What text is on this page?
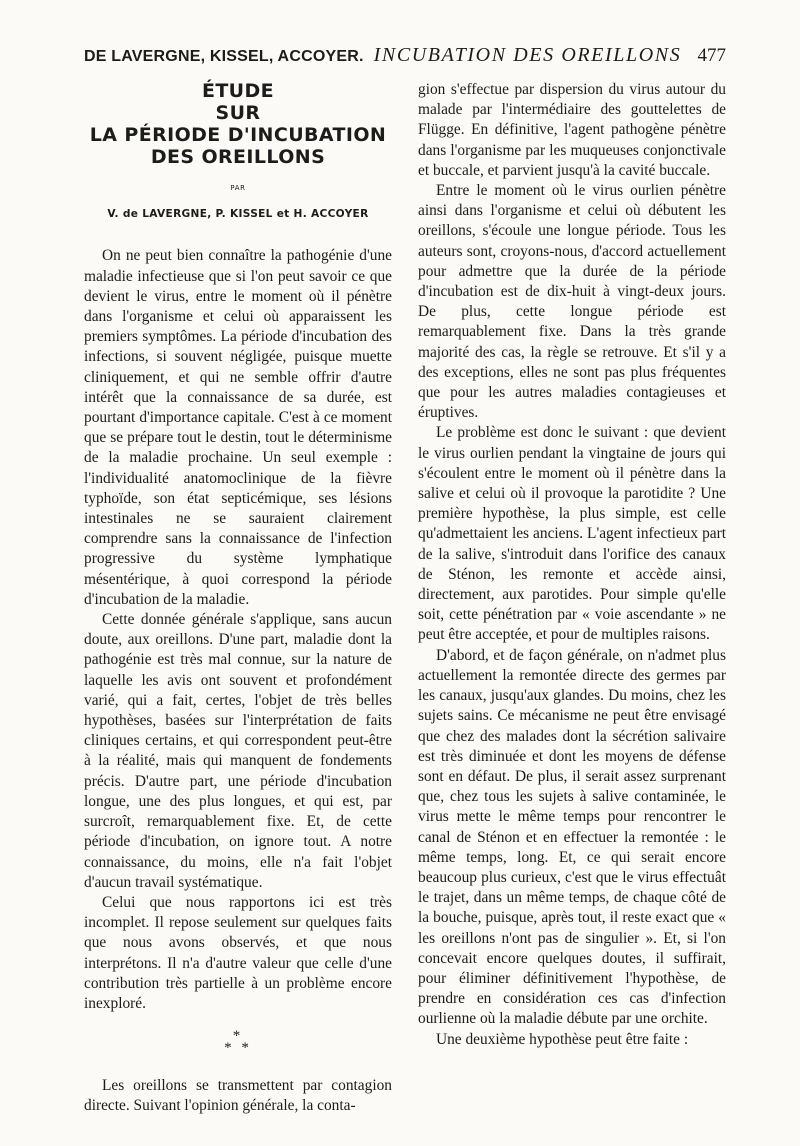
DE LAVERGNE, KISSEL, ACCOYER. INCUBATION DES OREILLONS 477
ÉTUDE
SUR
LA PÉRIODE D'INCUBATION
DES OREILLONS
PAR
V. de LAVERGNE, P. KISSEL et H. ACCOYER

On ne peut bien connaître la pathogénie d'une maladie infectieuse que si l'on peut savoir ce que devient le virus, entre le moment où il pénètre dans l'organisme et celui où apparaissent les premiers symptômes. La période d'incubation des infections, si souvent négligée, puisque muette cliniquement, et qui ne semble offrir d'autre intérêt que la connaissance de sa durée, est pourtant d'importance capitale. C'est à ce moment que se prépare tout le destin, tout le déterminisme de la maladie prochaine. Un seul exemple : l'individualité anatomoclinique de la fièvre typhoïde, son état septicémique, ses lésions intestinales ne se sauraient clairement comprendre sans la connaissance de l'infection progressive du système lymphatique mésentérique, à quoi correspond la période d'incubation de la maladie.

Cette donnée générale s'applique, sans aucun doute, aux oreillons. D'une part, maladie dont la pathogénie est très mal connue, sur la nature de laquelle les avis ont souvent et profondément varié, qui a fait, certes, l'objet de très belles hypothèses, basées sur l'interprétation de faits cliniques certains, et qui correspondent peut-être à la réalité, mais qui manquent de fondements précis. D'autre part, une période d'incubation longue, une des plus longues, et qui est, par surcroît, remarquablement fixe. Et, de cette période d'incubation, on ignore tout. A notre connaissance, du moins, elle n'a fait l'objet d'aucun travail systématique.

Celui que nous rapportons ici est très incomplet. Il repose seulement sur quelques faits que nous avons observés, et que nous interprétons. Il n'a d'autre valeur que celle d'une contribution très partielle à un problème encore inexploré.

*
* *

Les oreillons se transmettent par contagion directe. Suivant l'opinion générale, la conta-

gion s'effectue par dispersion du virus autour du malade par l'intermédiaire des gouttelettes de Flügge. En définitive, l'agent pathogène pénètre dans l'organisme par les muqueuses conjonctivale et buccale, et parvient jusqu'à la cavité buccale.

Entre le moment où le virus ourlien pénètre ainsi dans l'organisme et celui où débutent les oreillons, s'écoule une longue période. Tous les auteurs sont, croyons-nous, d'accord actuellement pour admettre que la durée de la période d'incubation est de dix-huit à vingt-deux jours. De plus, cette longue période est remarquablement fixe. Dans la très grande majorité des cas, la règle se retrouve. Et s'il y a des exceptions, elles ne sont pas plus fréquentes que pour les autres maladies contagieuses et éruptives.

Le problème est donc le suivant : que devient le virus ourlien pendant la vingtaine de jours qui s'écoulent entre le moment où il pénètre dans la salive et celui où il provoque la parotidite ? Une première hypothèse, la plus simple, est celle qu'admettaient les anciens. L'agent infectieux part de la salive, s'introduit dans l'orifice des canaux de Sténon, les remonte et accède ainsi, directement, aux parotides. Pour simple qu'elle soit, cette pénétration par « voie ascendante » ne peut être acceptée, et pour de multiples raisons.

D'abord, et de façon générale, on n'admet plus actuellement la remontée directe des germes par les canaux, jusqu'aux glandes. Du moins, chez les sujets sains. Ce mécanisme ne peut être envisagé que chez des malades dont la sécrétion salivaire est très diminuée et dont les moyens de défense sont en défaut. De plus, il serait assez surprenant que, chez tous les sujets à salive contaminée, le virus mette le même temps pour rencontrer le canal de Sténon et en effectuer la remontée : le même temps, long. Et, ce qui serait encore beaucoup plus curieux, c'est que le virus effectuât le trajet, dans un même temps, de chaque côté de la bouche, puisque, après tout, il reste exact que « les oreillons n'ont pas de singulier ». Et, si l'on concevait encore quelques doutes, il suffirait, pour éliminer définitivement l'hypothèse, de prendre en considération ces cas d'infection ourlienne où la maladie débute par une orchite.

Une deuxième hypothèse peut être faite :
